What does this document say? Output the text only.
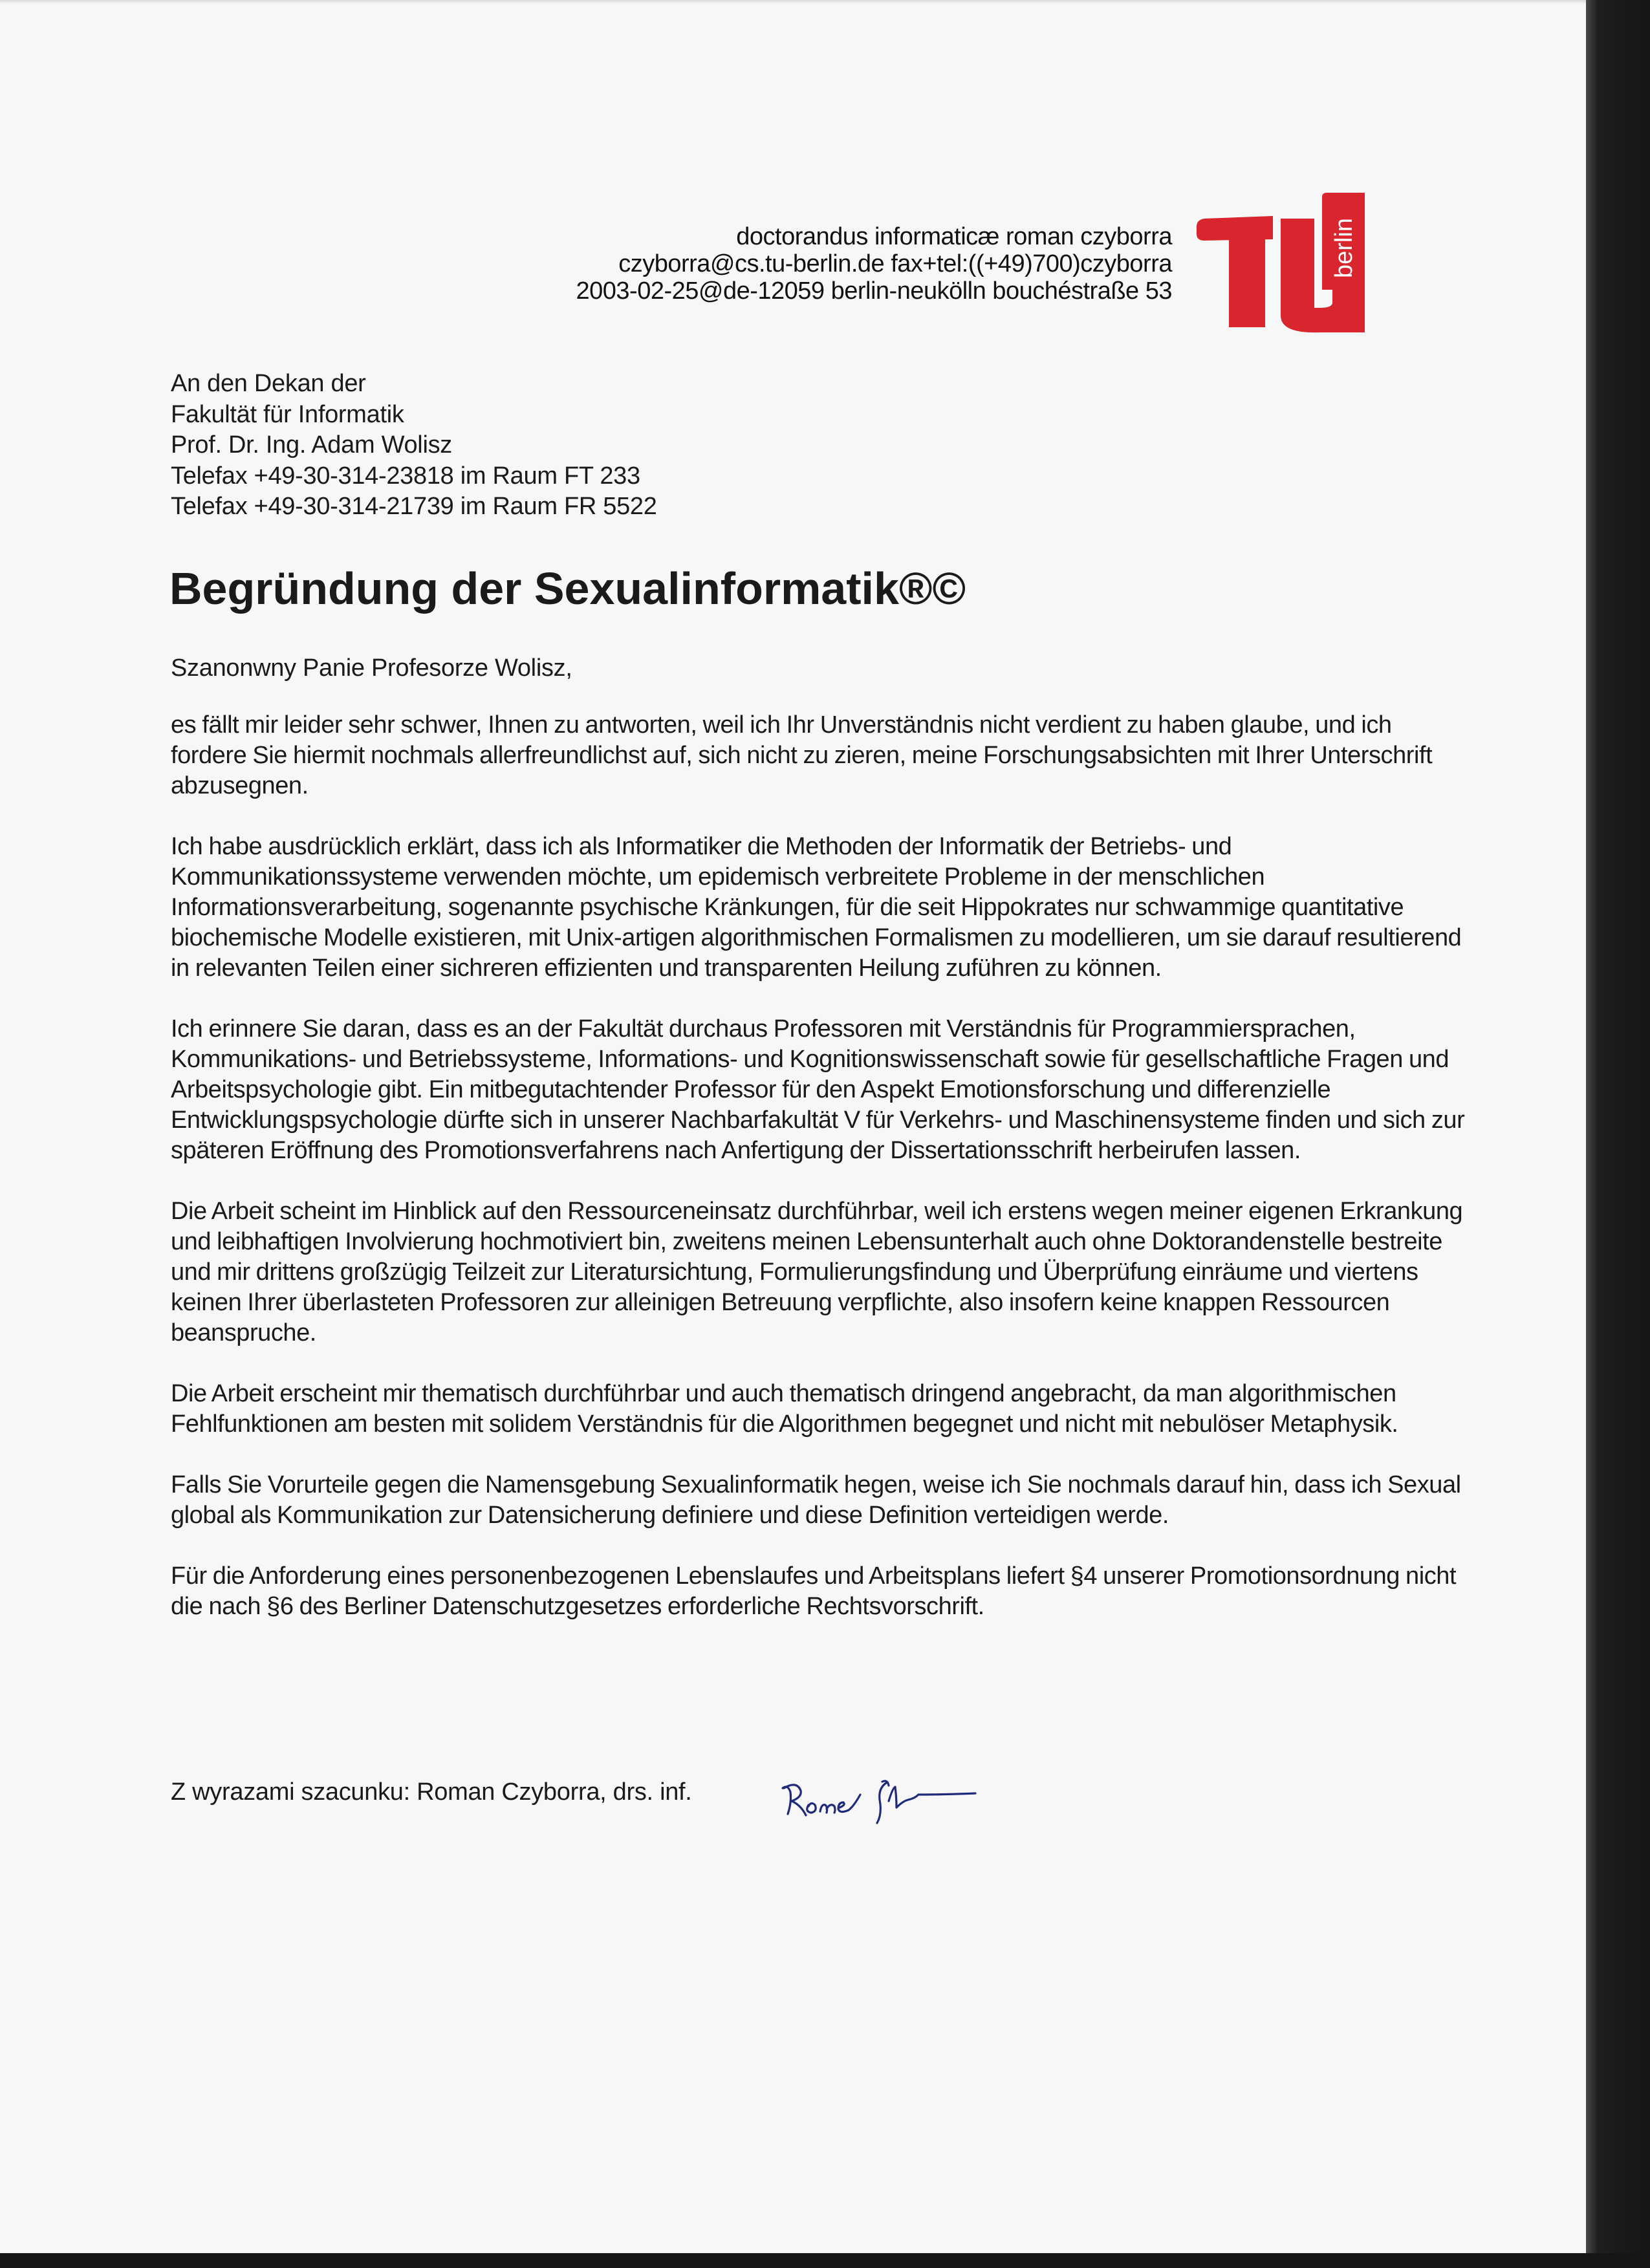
doctorandus informaticæ roman czyborra
czyborra@cs.tu-berlin.de fax+tel:((+49)700)czyborra
2003-02-25@de-12059 berlin-neukölln bouchéstraße 53
berlin
An den Dekan der
Fakultät für Informatik
Prof. Dr. Ing. Adam Wolisz
Telefax +49-30-314-23818 im Raum FT 233
Telefax +49-30-314-21739 im Raum FR 5522
Begründung der Sexualinformatik®©
Szanonwny Panie Profesorze Wolisz,

es fällt mir leider sehr schwer, Ihnen zu antworten, weil ich Ihr Unverständnis nicht verdient zu haben glaube, und ich fordere Sie hiermit nochmals allerfreundlichst auf, sich nicht zu zieren, meine Forschungsabsichten mit Ihrer Unterschrift abzusegnen.

Ich habe ausdrücklich erklärt, dass ich als Informatiker die Methoden der Informatik der Betriebs- und Kommunikationssysteme verwenden möchte, um epidemisch verbreitete Probleme in der menschlichen Informationsverarbeitung, sogenannte psychische Kränkungen, für die seit Hippokrates nur schwammige quantitative biochemische Modelle existieren, mit Unix-artigen algorithmischen Formalismen zu modellieren, um sie darauf resultierend in relevanten Teilen einer sichreren effizienten und transparenten Heilung zuführen zu können.

Ich erinnere Sie daran, dass es an der Fakultät durchaus Professoren mit Verständnis für Programmiersprachen, Kommunikations- und Betriebssysteme, Informations- und Kognitionswissenschaft sowie für gesellschaftliche Fragen und Arbeitspsychologie gibt. Ein mitbegutachtender Professor für den Aspekt Emotionsforschung und differenzielle Entwicklungspsychologie dürfte sich in unserer Nachbarfakultät V für Verkehrs- und Maschinensysteme finden und sich zur späteren Eröffnung des Promotionsverfahrens nach Anfertigung der Dissertationsschrift herbeirufen lassen.

Die Arbeit scheint im Hinblick auf den Ressourceneinsatz durchführbar, weil ich erstens wegen meiner eigenen Erkrankung und leibhaftigen Involvierung hochmotiviert bin, zweitens meinen Lebensunterhalt auch ohne Doktorandenstelle bestreite und mir drittens großzügig Teilzeit zur Literatursichtung, Formulierungsfindung und Überprüfung einräume und viertens keinen Ihrer überlasteten Professoren zur alleinigen Betreuung verpflichte, also insofern keine knappen Ressourcen beanspruche.

Die Arbeit erscheint mir thematisch durchführbar und auch thematisch dringend angebracht, da man algorithmischen Fehlfunktionen am besten mit solidem Verständnis für die Algorithmen begegnet und nicht mit nebulöser Metaphysik.

Falls Sie Vorurteile gegen die Namensgebung Sexualinformatik hegen, weise ich Sie nochmals darauf hin, dass ich Sexual global als Kommunikation zur Datensicherung definiere und diese Definition verteidigen werde.

Für die Anforderung eines personenbezogenen Lebenslaufes und Arbeitsplans liefert §4 unserer Promotionsordnung nicht die nach §6 des Berliner Datenschutzgesetzes erforderliche Rechtsvorschrift.

Z wyrazami szacunku: Roman Czyborra, drs. inf.
